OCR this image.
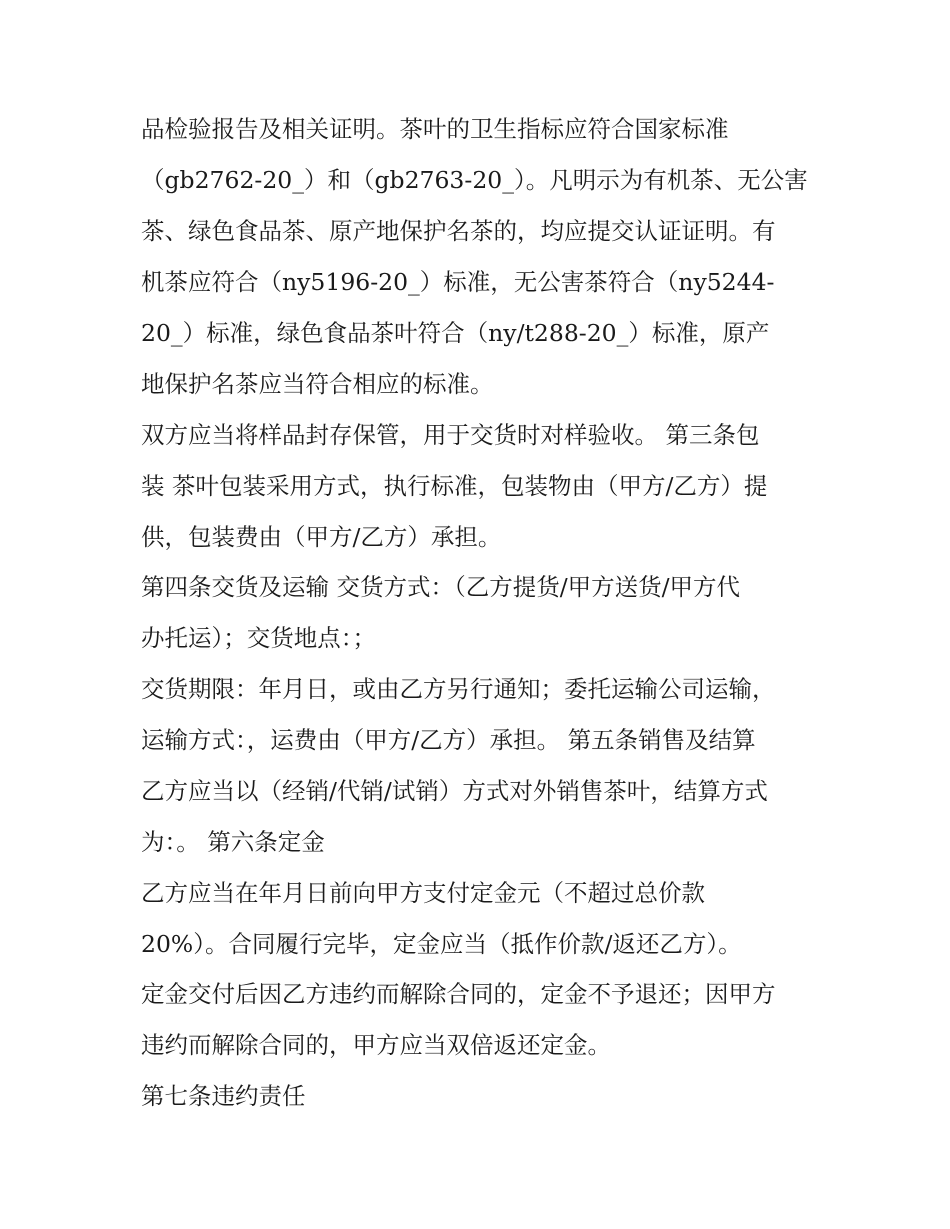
品检验报告及相关证明。茶叶的卫生指标应符合国家标准

（gb2762-20_）和（gb2763-20_）。凡明示为有机茶、无公害

茶、绿色食品茶、原产地保护名茶的，均应提交认证证明。有

机茶应符合（ny5196-20_）标准，无公害茶符合（ny5244-

20_）标准，绿色食品茶叶符合（ny/t288-20_）标准，原产

地保护名茶应当符合相应的标准。

双方应当将样品封存保管，用于交货时对样验收。 第三条包

装 茶叶包装采用方式，执行标准，包装物由（甲方/乙方）提

供，包装费由（甲方/乙方）承担。

第四条交货及运输 交货方式：（乙方提货/甲方送货/甲方代

办托运）；交货地点：；

交货期限：年月日，或由乙方另行通知；委托运输公司运输，

运输方式：，运费由（甲方/乙方）承担。 第五条销售及结算

乙方应当以（经销/代销/试销）方式对外销售茶叶，结算方式

为：。 第六条定金

乙方应当在年月日前向甲方支付定金元（不超过总价款

20%）。合同履行完毕，定金应当（抵作价款/返还乙方）。

定金交付后因乙方违约而解除合同的，定金不予退还；因甲方

违约而解除合同的，甲方应当双倍返还定金。

第七条违约责任
